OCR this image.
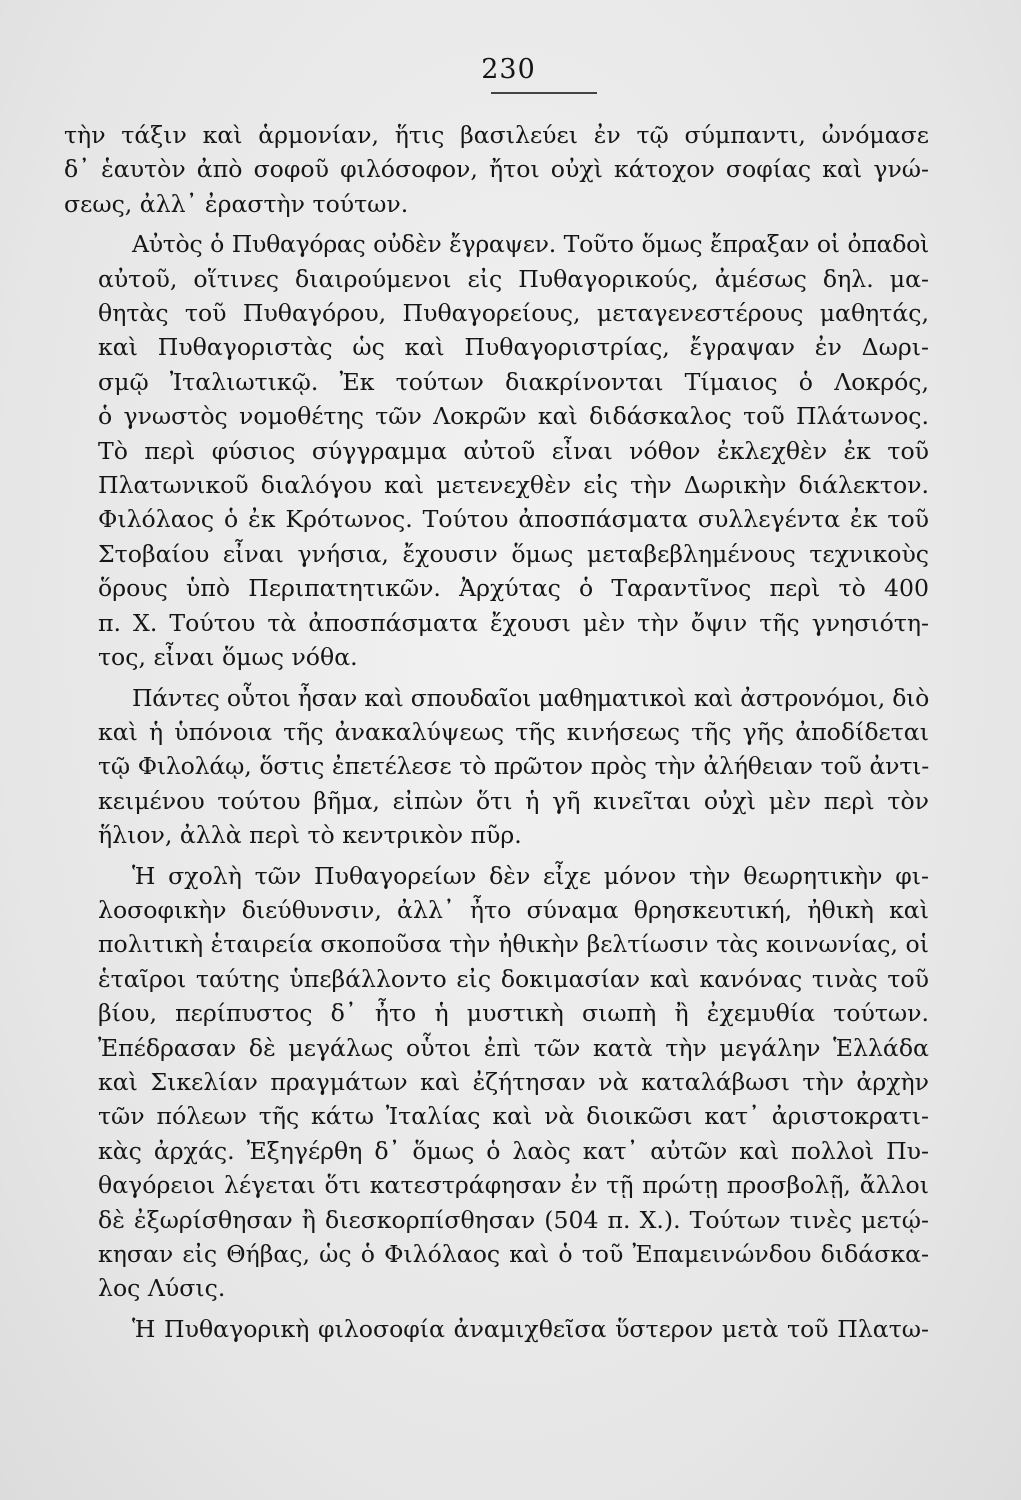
230
τὴν τάξιν καὶ ἁρμονίαν, ἥτις βασιλεύει ἐν τῷ σύμπαντι, ὠνόμασε
δ᾽ ἑαυτὸν ἀπὸ σοφοῦ φιλόσοφον, ἤτοι οὐχὶ κάτοχον σοφίας καὶ γνώ-
σεως, ἀλλ᾽ ἐραστὴν τούτων.
Αὐτὸς ὁ Πυθαγόρας οὐδὲν ἔγραψεν. Τοῦτο ὅμως ἔπραξαν οἱ ὀπαδοὶ
αὐτοῦ, οἵτινες διαιρούμενοι εἰς Πυθαγορικούς, ἀμέσως δηλ. μα-
θητὰς τοῦ Πυθαγόρου, Πυθαγορείους, μεταγενεστέρους μαθητάς,
καὶ Πυθαγοριστὰς ὡς καὶ Πυθαγοριστρίας, ἔγραψαν ἐν Δωρι-
σμῷ Ἰταλιωτικῷ. Ἐκ τούτων διακρίνονται Τίμαιος ὁ Λοκρός,
ὁ γνωστὸς νομοθέτης τῶν Λοκρῶν καὶ διδάσκαλος τοῦ Πλάτωνος.
Τὸ περὶ φύσιος σύγγραμμα αὐτοῦ εἶναι νόθον ἐκλεχθὲν ἐκ τοῦ
Πλατωνικοῦ διαλόγου καὶ μετενεχθὲν εἰς τὴν Δωρικὴν διάλεκτον.
Φιλόλαος ὁ ἐκ Κρότωνος. Τούτου ἀποσπάσματα συλλεγέντα ἐκ τοῦ
Στοβαίου εἶναι γνήσια, ἔχουσιν ὅμως μεταβεβλημένους τεχνικοὺς
ὅρους ὑπὸ Περιπατητικῶν. Ἀρχύτας ὁ Ταραντῖνος περὶ τὸ 400
π. Χ. Τούτου τὰ ἀποσπάσματα ἔχουσι μὲν τὴν ὄψιν τῆς γνησιότη-
τος, εἶναι ὅμως νόθα.
Πάντες οὗτοι ἦσαν καὶ σπουδαῖοι μαθηματικοὶ καὶ ἀστρονόμοι, διὸ
καὶ ἡ ὑπόνοια τῆς ἀνακαλύψεως τῆς κινήσεως τῆς γῆς ἀποδίδεται
τῷ Φιλολάῳ, ὅστις ἐπετέλεσε τὸ πρῶτον πρὸς τὴν ἀλήθειαν τοῦ ἀντι-
κειμένου τούτου βῆμα, εἰπὼν ὅτι ἡ γῆ κινεῖται οὐχὶ μὲν περὶ τὸν
ἥλιον, ἀλλὰ περὶ τὸ κεντρικὸν πῦρ.
Ἡ σχολὴ τῶν Πυθαγορείων δὲν εἶχε μόνον τὴν θεωρητικὴν φι-
λοσοφικὴν διεύθυνσιν, ἀλλ᾽ ἦτο σύναμα θρησκευτική, ἠθικὴ καὶ
πολιτικὴ ἑταιρεία σκοποῦσα τὴν ἠθικὴν βελτίωσιν τὰς κοινωνίας, οἱ
ἑταῖροι ταύτης ὑπεβάλλοντο εἰς δοκιμασίαν καὶ κανόνας τινὰς τοῦ
βίου, περίπυστος δ᾽ ἦτο ἡ μυστικὴ σιωπὴ ἢ ἐχεμυθία τούτων.
Ἐπέδρασαν δὲ μεγάλως οὗτοι ἐπὶ τῶν κατὰ τὴν μεγάλην Ἑλλάδα
καὶ Σικελίαν πραγμάτων καὶ ἐζήτησαν νὰ καταλάβωσι τὴν ἀρχὴν
τῶν πόλεων τῆς κάτω Ἰταλίας καὶ νὰ διοικῶσι κατ᾽ ἀριστοκρατι-
κὰς ἀρχάς. Ἐξηγέρθη δ᾽ ὅμως ὁ λαὸς κατ᾽ αὐτῶν καὶ πολλοὶ Πυ-
θαγόρειοι λέγεται ὅτι κατεστράφησαν ἐν τῇ πρώτῃ προσβολῇ, ἄλλοι
δὲ ἐξωρίσθησαν ἢ διεσκορπίσθησαν (504 π. Χ.). Τούτων τινὲς μετῴ-
κησαν εἰς Θήβας, ὡς ὁ Φιλόλαος καὶ ὁ τοῦ Ἐπαμεινώνδου διδάσκα-
λος Λύσις.
Ἡ Πυθαγορικὴ φιλοσοφία ἀναμιχθεῖσα ὕστερον μετὰ τοῦ Πλατω-
